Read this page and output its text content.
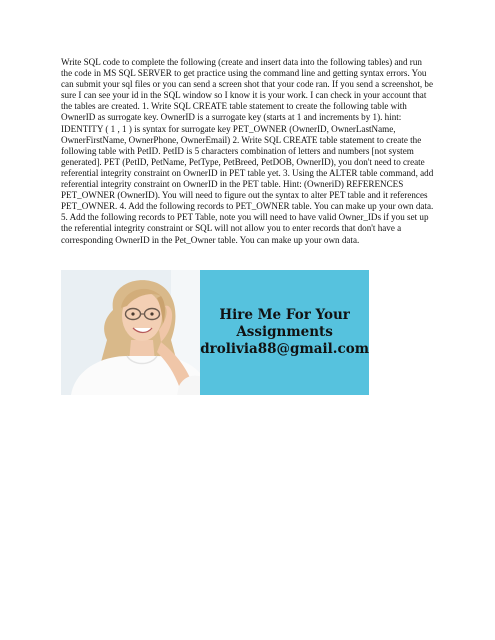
Write SQL code to complete the following (create and insert data into the following tables) and run the code in MS SQL SERVER to get practice using the command line and getting syntax errors. You can submit your sql files or you can send a screen shot that your code ran. If you send a screenshot, be sure I can see your id in the SQL window so I know it is your work. I can check in your account that the tables are created. 1. Write SQL CREATE table statement to create the following table with OwnerID as surrogate key. OwnerID is a surrogate key (starts at 1 and increments by 1). hint: IDENTITY ( 1 , 1 ) is syntax for surrogate key PET_OWNER (OwnerID, OwnerLastName, OwnerFirstName, OwnerPhone, OwnerEmail) 2. Write SQL CREATE table statement to create the following table with PetID. PetID is 5 characters combination of letters and numbers [not system generated]. PET (PetID, PetName, PetType, PetBreed, PetDOB, OwnerID), you don't need to create referential integrity constraint on OwnerID in PET table yet. 3. Using the ALTER table command, add referential integrity constraint on OwnerID in the PET table. Hint: (OwneriD) REFERENCES PET_OWNER (OwnerID). You will need to figure out the syntax to alter PET table and it references PET_OWNER. 4. Add the following records to PET_OWNER table. You can make up your own data. 5. Add the following records to PET Table, note you will need to have valid Owner_IDs if you set up the referential integrity constraint or SQL will not allow you to enter records that don't have a corresponding OwnerID in the Pet_Owner table. You can make up your own data.

Hire Me For Your

Assignments

drolivia88@gmail.com
